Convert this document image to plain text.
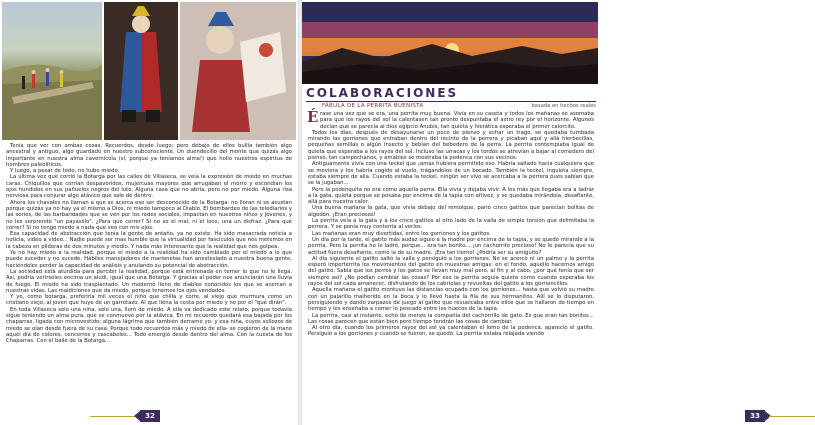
Tenía que ver con ambas cosas. Recuerdos, desde luego; pero debajo de ellos bullía también algo ancestral y antiguo, algo guardado en nuestro subconsciente. Un duendecillo del monte que quizás algo importante en nuestra alma cavernícola (sí, porque ya teníamos alma!) que hollo nuestros espíritus de hombres paleolíticos.

Y luego, a pesar de todo, no hubo miedo.

La última vez que corrió la Botarga por las calles de Villaseca, se veía la expresión de miedo en muchas caras. Chiquillos que corrían despavoridos, mujercuas mayores que arrugaban el morro y escondían los ojos hundidos en sus pañuelos negros del luto. Alguna casa que no abría, pero no por miedo. Alguna risa nerviosa para conjurar algo atávico que sale de dentro.

Ahora los chavales no llaman a que se acerca ese ser desconocido de la Botarga: no lloran ni se asustan porque quizás ya no hay ya el mismo a Dios, ni miedo tampoco al Diablo. El bombardeo de las telediarios y las series, de las barbaridades que se ven por los redes sociales, impactan en nuestros niños y jóvenes, y no les sorprende "un payasillo". ¿Para qué correr? Si no es el mal, ni el loco, una un disfraz. ¿Para qué correr? Si no tengo miedo a nada que veo con mis ojos.

Esa capacidad de abstracción que tenía la gente de antaño, ya no existe. Ha sido masacrada noticia a noticia, video a video... Nadie puede ser mas humble que la virtualidad por fascículos que nos metemos en la cabeza en píldoras de dos minutos y medio. Y nada más interesante que la realidad que nos golpea.

Ya no hay miedo a la realidad, porque el miedo a la realidad ha sido cambiado por el miedo a lo que puede suceder y no sucede. Hábiles manejadores de marionetas han anestesiado a nuestra buena gente, haciéndoles perder la capacidad de análisis y anulando su potencial de abstracción.

La sociedad está aturdida para percibir la realidad, porque está entrenada en temer lo que no le llega. Así, podría verirseles encima un aludi, igual que una Botarga. Y gracias al poder nos anunciarán una lluvia de fuego. El miedo ha sido trasplantado. Un moderno lleno de diablos conocidos los que se acercan a nuestras vidas. Las maldiciones que da miedo, porque tenemos los ojos vendados.

Y yo, como botarga, preferiría mil veces el niño que chilla y corre, al viejo que murmura como un cristiano viejo, al joven que huye de un garrotazo. Al que llena la cesta por miedo y no por el "qué dirán".

En toda Villaseca sólo una niña, sólo una, lloró de miedo. A ella va dedicado este relato, porque todavía sigue teniendo un alma pura, que se conmueve por la atávica. En mi recuerdo quedará esa bajada por los chaparras, ligada con microvestido; alguna lágrima que también derramé yo: y esa niña, cuyos sollozos de miedo se oían desde fuera de su casa. Porque todo recuerdos más y miedo de ella- se cogieron de la mano aquel día de colores, cencerros y cascabeles... Todo emergió desde dentro del alma. Con la cuesta de los Chaparras. Con el baile de la Botarga...

32
COLABORACIONES
FÁBULA DE LA PERRITA BUENISTA	basada en hechos reales
É rase una vez que se era, una perrita muy buena. Vivía en su caseta y todos los mañanas se asomaba para que los rayos del sol la calentasen tan pronto despuntaba el astro rey por el horizonte. Algunos decían que se parecía al dios egipcio Anubis, tan quieta y hierática esperaba el primer calorcito.

Todos los días, después de desayunarse un poco de pienso y echar un trago, se quedaba tumbada mirando las gorriones que entraban dentro del recinto de la perrera y picaban aquí y allá hierbecillas, pequeñas semillas o algún insecto y bebían del bebedero de la perra. La perrita contemplaba igual de quieta que esperaba a los rayos del sol. Incluso las urracas y los tordos se atrevían a bajar al comedero del pienso, tan campechanos, y amables se mostraba la podenca con sus vecinos.

Antiguamente vivía con una teckel que ¡amas hubiera permitido eso. Habría saltado hacia cualquiera que se moviera y los habría cogido al vuelo, trágandolos de un bocado. También la teckel, inquieta siempre, estaba siempre de alla. Cuando estaba la teckel, ningún ser vivo se acercaba a la perrera pues sabían que se la jugaban...

Pero la podenquita no era como aquella perra. Ella vivía y dejaba vivir. A los más que llegaba era a ladrar a la gata, quieta porque se posaba por encima de la tapia con altivez, y se quedaba mirándola, desafiante, allá para nuestra calor.

Una buena mañana la gata, que vivía debajo del remolque, parió cinco gatitos que parecían bolitas de algodón. ¡Eran preciosos!

La perrita veía a la gata y a los cinco gatitos al otro lado de la valla de simple torsión que delimitaba la perrera. Y se ponía muy contenta al verlos.

Las mañanas eran muy divertidas, entre los gorriones y los gatitos.

Un día por la tarde, el gatito más audaz siguió a la madre por encima de la tapia, y se quedó mirando a la perrita. Pero la perrita no le ladró, porque... era tan bonito... ¡un cachorrito precioso! No le parecía que su actitud fuera desafiante, como la de su madre. ¡Era tan tierno! ¿Podría ser su amiguito?

Al día siguiente el gatito saltó la valla y persiguió a los gorriones. No se acercó ni un palmo y la perrita esperó impertérrita los movimientos del gatito en muestras amigas: en el fondo, aquello hacemos amigo del gatito. Sabía que los perros y los gatos se llevan muy mal pero, al fin y al cabo, ¿por qué tenía que ser siempre así? ¿No podían cambiar las cosas? Por eso la perrita seguía quieta como cuando esperaba los rayos del sol cada amanecer, disfrutando de los cabriolas y revueltas del gatito a los gorrioncillos.

Aquella mañana el gatito montuvo las distancias ocupado con los gorriones... hasta que volvió su madre con un pajarillo malherido en la boca y lo llevó hasta la fila de sus hermanitos. Allí se lo disputaron, persiguiendo y dando zarpazos de juego al gatito que revuelcaba entre ellos que se hallaron de tiempo en tiempo y les enseñaba a comer lo pescado entre los huecos de la tapia.

La perrita, casi al instante, echó de menos la compañía del cachorrillo de gato. Es que eran tan bonitos... Las cosas parecen que están bien pero tiempo tendrán las cosas de cambiar.

Al otro día, cuando los primeros rayos del sol ya calentaban el lomo de la podenca, apareció el gatito. Persiguió a los gorriones y cuando se fueron, se quedó. La perrita estaba relajada viendo

33
